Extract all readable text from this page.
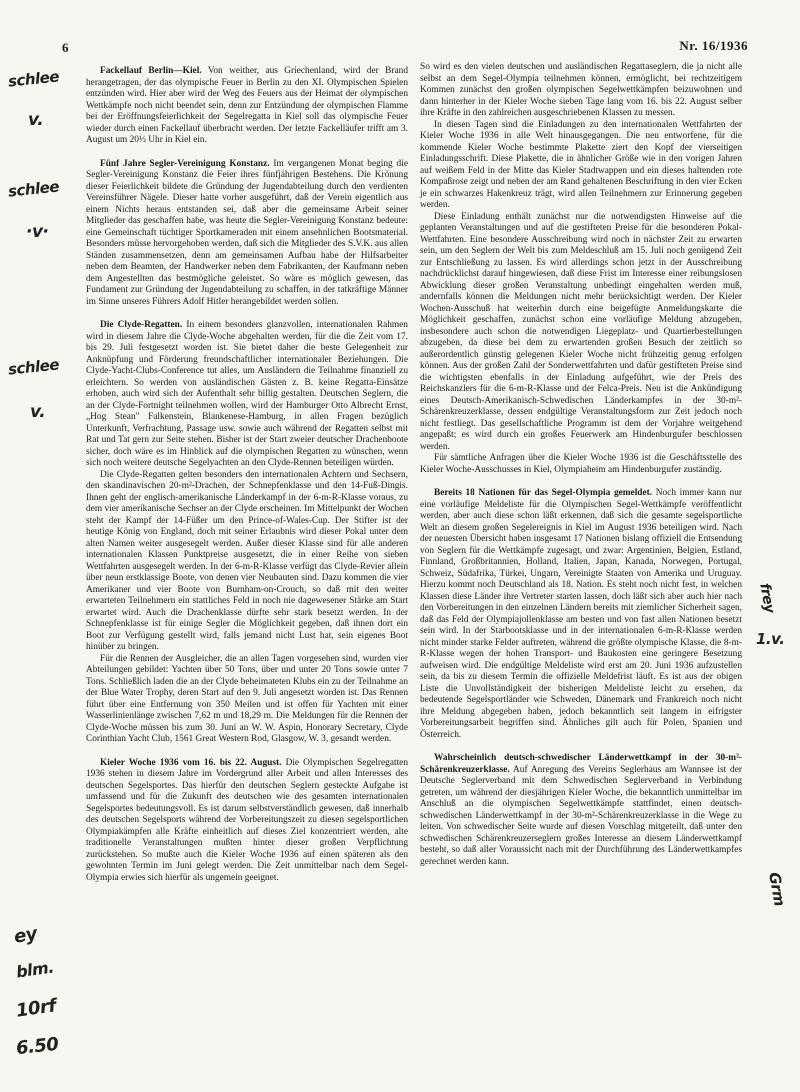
6	Nr. 16/1936
schlee
v.
schlee
·v·
schlee
v.
ey
blm.
10rf
6.50
frey
1.v.
Grm

Fackellauf Berlin—Kiel. Von weither, aus Griechenland, wird der Brand herangetragen, der das olympische Feuer in Berlin zu den XI. Olympischen Spielen entzünden wird. Hier aber wird der Weg des Feuers aus der Heimat der olympischen Wettkämpfe noch nicht beendet sein, denn zur Entzündung der olympischen Flamme bei der Eröffnungsfeierlichkeit der Segelregatta in Kiel soll das olympische Feuer wieder durch einen Fackellauf überbracht werden. Der letzte Fackelläufer trifft am 3. August um 20½ Uhr in Kiel ein.

Fünf Jahre Segler-Vereinigung Konstanz. Im vergangenen Monat beging die Segler-Vereinigung Konstanz die Feier ihres fünfjährigen Bestehens. Die Krönung dieser Feierlichkeit bildete die Gründung der Jugendabteilung durch den verdienten Vereinsführer Nägele. Dieser hatte vorher ausgeführt, daß der Verein eigentlich aus einem Nichts heraus entstanden sei, daß aber die gemeinsame Arbeit seiner Mitglieder das geschaffen habe, was heute die Segler-Vereinigung Konstanz bedeute: eine Gemeinschaft tüchtiger Sportkameraden mit einem ansehnlichen Bootsmaterial. Besonders müsse hervorgehoben werden, daß sich die Mitglieder des S.V.K. aus allen Ständen zusammensetzen, denn am gemeinsamen Aufbau habe der Hilfsarbeiter neben dem Beamten, der Handwerker neben dem Fabrikanten, der Kaufmann neben dem Angestellten das bestmögliche geleistet. So wäre es möglich gewesen, das Fundament zur Gründung der Jugendabteilung zu schaffen, in der tatkräftige Männer im Sinne unseres Führers Adolf Hitler herangebildet werden sollen.

Die Clyde-Regatten. In einem besonders glanzvollen, internationalen Rahmen wird in diesem Jahre die Clyde-Woche abgehalten werden, für die die Zeit vom 17. bis 29. Juli festgesetzt worden ist. Sie bietet daher die beste Gelegenheit zur Anknüpfung und Förderung freundschaftlicher internationaler Beziehungen. Die Clyde-Yacht-Clubs-Conference tut alles, um Ausländern die Teilnahme finanziell zu erleichtern. So werden von ausländischen Gästen z. B. keine Regatta-Einsätze erhoben, auch wird sich der Aufenthalt sehr billig gestalten. Deutschen Seglern, die an der Clyde-Fortnight teilnehmen wollen, wird der Hamburger Otto Albrecht Ernst, „Hog Stean" Falkenstein, Blankenese-Hamburg, in allen Fragen bezüglich Unterkunft, Verfrachtung, Passage usw. sowie auch während der Regatten selbst mit Rat und Tat gern zur Seite stehen. Bisher ist der Start zweier deutscher Drachenboote sicher, doch wäre es im Hinblick auf die olympischen Regatten zu wünschen, wenn sich noch weitere deutsche Segelyachten an den Clyde-Rennen beteiligen würden.

Die Clyde-Regatten gelten besonders den internationalen Achtern und Sechsern, den skandinavischen 20-m²-Drachen, der Schnepfenklasse und den 14-Fuß-Dingis. Ihnen geht der englisch-amerikanische Länderkampf in der 6-m-R-Klasse voraus, zu dem vier amerikanische Sechser an der Clyde erscheinen. Im Mittelpunkt der Wochen steht der Kampf der 14-Füßer um den Prince-of-Wales-Cup. Der Stifter ist der heutige König von England, doch mit seiner Erlaubnis wird dieser Pokal unter dem alten Namen weiter ausgesegelt werden. Außer dieser Klasse sind für alle anderen internationalen Klassen Punktpreise ausgesetzt, die in einer Reihe von sieben Wettfahrten ausgesegelt werden. In der 6-m-R-Klasse verfügt das Clyde-Revier allein über neun erstklassige Boote, von denen vier Neubauten sind. Dazu kommen die vier Amerikaner und vier Boote von Burnham-on-Crouch, so daß mit den weiter erwarteten Teilnehmern ein stattliches Feld in noch nie dagewesener Stärke am Start erwartet wird. Auch die Drachenklasse dürfte sehr stark besetzt werden. In der Schnepfenklasse ist für einige Segler die Möglichkeit gegeben, daß ihnen dort ein Boot zur Verfügung gestellt wird, falls jemand nicht Lust hat, sein eigenes Boot hinüber zu bringen.

Für die Rennen der Ausgleicher, die an allen Tagen vorgesehen sind, wurden vier Abteilungen gebildet: Yachten über 50 Tons, über und unter 20 Tons sowie unter 7 Tons. Schließlich laden die an der Clyde beheimateten Klubs ein zu der Teilnahme an der Blue Water Trophy, deren Start auf den 9. Juli angesetzt worden ist. Das Rennen führt über eine Entfernung von 350 Meilen und ist offen für Yachten mit einer Wasserlinienlänge zwischen 7,62 m und 18,29 m. Die Meldungen für die Rennen der Clyde-Woche müssen bis zum 30. Juni an W. W. Aspin, Honorary Secretary, Clyde Corinthian Yacht Club, 1561 Great Western Rod, Glasgow, W. 3, gesandt werden.

Kieler Woche 1936 vom 16. bis 22. August. Die Olympischen Segelregatten 1936 stehen in diesem Jahre im Vordergrund aller Arbeit und allen Interesses des deutschen Segelsportes. Das hierfür den deutschen Seglern gesteckte Aufgabe ist umfassend und für die Zukunft des deutschen wie des gesamten internationalen Segelsportes bedeutungsvoll. Es ist darum selbstverständlich gewesen, daß innerhalb des deutschen Segelsports während der Vorbereitungszeit zu diesen segelsportlichen Olympiakämpfen alle Kräfte einheitlich auf dieses Ziel konzentriert werden, alte traditionelle Veranstaltungen mußten hinter dieser großen Verpflichtung zurückstehen. So mußte auch die Kieler Woche 1936 auf einen späteren als den gewohnten Termin im Juni gelegt werden. Die Zeit unmittelbar nach dem Segel-Olympia erwies sich hierfür als ungemein geeignet.

So wird es den vielen deutschen und ausländischen Regattaseglern, die ja nicht alle selbst an dem Segel-Olympia teilnehmen können, ermöglicht, bei rechtzeitigem Kommen zunächst den großen olympischen Segelwettkämpfen beizuwohnen und dann hinterher in der Kieler Woche sieben Tage lang vom 16. bis 22. August selber ihre Kräfte in den zahlreichen ausgeschriebenen Klassen zu messen.

In diesen Tagen sind die Einladungen zu den internationalen Wettfahrten der Kieler Woche 1936 in alle Welt hinausgegangen. Die neu entworfene, für die kommende Kieler Woche bestimmte Plakette ziert den Kopf der vierseitigen Einladungsschrift. Diese Plakette, die in ähnlicher Größe wie in den vorigen Jahren auf weißem Feld in der Mitte das Kieler Stadtwappen und ein dieses haltenden rote Kompaßrose zeigt und neben der am Rand gehaltenen Beschriftung in den vier Ecken je ein schwarzes Hakenkreuz trägt, wird allen Teilnehmern zur Erinnerung gegeben werden.

Diese Einladung enthält zunächst nur die notwendigsten Hinweise auf die geplanten Veranstaltungen und auf die gestifteten Preise für die besonderen Pokal-Wettfahrten. Eine besondere Ausschreibung wird noch in nächster Zeit zu erwarten sein, um den Seglern der Welt bis zum Meldeschluß am 15. Juli noch genügend Zeit zur Entschließung zu lassen. Es wird allerdings schon jetzt in der Ausschreibung nachdrücklichst darauf hingewiesen, daß diese Frist im Interesse einer reibungslosen Abwicklung dieser großen Veranstaltung unbedingt eingehalten werden muß, andernfalls können die Meldungen nicht mehr berücksichtigt werden. Der Kieler Wochen-Ausschuß hat weiterhin durch eine beigefügte Anmeldungskarte die Möglichkeit geschaffen, zunächst schon eine vorläufige Meldung abzugeben, insbesondere auch schon die notwendigen Liegeplatz- und Quartierbestellungen abzugeben, da diese bei dem zu erwartenden großen Besuch der zeitlich so außerordentlich günstig gelegenen Kieler Woche nicht frühzeitig genug erfolgen können. Aus der großen Zahl der Sonderwettfahrten und dafür gestifteten Preise sind die wichtigsten ebenfalls in der Einladung aufgeführt, wie der Preis des Reichskanzlers für die 6-m-R-Klasse und der Felca-Preis. Neu ist die Ankündigung eines Deutsch-Amerikanisch-Schwedischen Länderkampfes in der 30-m²-Schärenkreuzerklasse, dessen endgültige Veranstaltungsform zur Zeit jedoch noch nicht festliegt. Das gesellschaftliche Programm ist dem der Vorjahre weitgehend angepaßt; es wird durch ein großes Feuerwerk am Hindenburgufer beschlossen werden.

Für sämtliche Anfragen über die Kieler Woche 1936 ist die Geschäftsstelle des Kieler Woche-Ausschusses in Kiel, Olympiaheim am Hindenburgufer zuständig.

Bereits 18 Nationen für das Segel-Olympia gemeldet. Noch immer kann nur eine vorläufige Meldeliste für die Olympischen Segel-Wettkämpfe veröffentlicht werden, aber auch diese schon läßt erkennen, daß sich die gesamte segelsportliche Welt an diesem großen Segelereignis in Kiel im August 1936 beteiligen wird. Nach der neuesten Übersicht haben insgesamt 17 Nationen bislang offiziell die Entsendung von Seglern für die Wettkämpfe zugesagt, und zwar: Argentinien, Belgien, Estland, Finnland, Großbritannien, Holland, Italien, Japan, Kanada, Norwegen, Portugal, Schweiz, Südafrika, Türkei, Ungarn, Vereinigte Staaten von Amerika und Uruguay. Hierzu kommt noch Deutschland als 18. Nation. Es steht noch nicht fest, in welchen Klassen diese Länder ihre Vertreter starten lassen, doch läßt sich aber auch hier nach den Vorbereitungen in den einzelnen Ländern bereits mit ziemlicher Sicherheit sagen, daß das Feld der Olympiajollenklasse am besten und von fast allen Nationen besetzt sein wird. In der Starbootsklasse und in der internationalen 6-m-R-Klasse werden nicht minder starke Felder auftreten, während die größte olympische Klasse, die 8-m-R-Klasse wegen der hohen Transport- und Baukosten eine geringere Besetzung aufweisen wird. Die endgültige Meldeliste wird erst am 20. Juni 1936 aufzustellen sein, da bis zu diesem Termin die offizielle Meldefrist läuft. Es ist aus der obigen Liste die Unvollständigkeit der bisherigen Meldeliste leicht zu ersehen, da bedeutende Segelsportländer wie Schweden, Dänemark und Frankreich noch nicht ihre Meldung abgegeben haben, jedoch bekanntlich seit langem in eifrigster Vorbereitungsarbeit begriffen sind. Ähnliches gilt auch für Polen, Spanien und Österreich.

Wahrscheinlich deutsch-schwedischer Länderwettkampf in der 30-m²-Schärenkreuzerklasse. Auf Anregung des Vereins Seglerhaus am Wannsee ist der Deutsche Seglerverband mit dem Schwedischen Seglerverband in Verbindung getreten, um während der diesjährigen Kieler Woche, die bekanntlich unmittelbar im Anschluß an die olympischen Segelwettkämpfe stattfindet, einen deutsch-schwedischen Länderwettkampf in der 30-m²-Schärenkreuzerklasse in die Wege zu leiten. Von schwedischer Seite wurde auf diesen Vorschlag mitgeteilt, daß unter den schwedischen Schärenkreuzerseglern großes Interesse an diesem Länderwettkampf besteht, so daß aller Voraussicht nach mit der Durchführung des Länderwettkampfes gerechnet werden kann.
